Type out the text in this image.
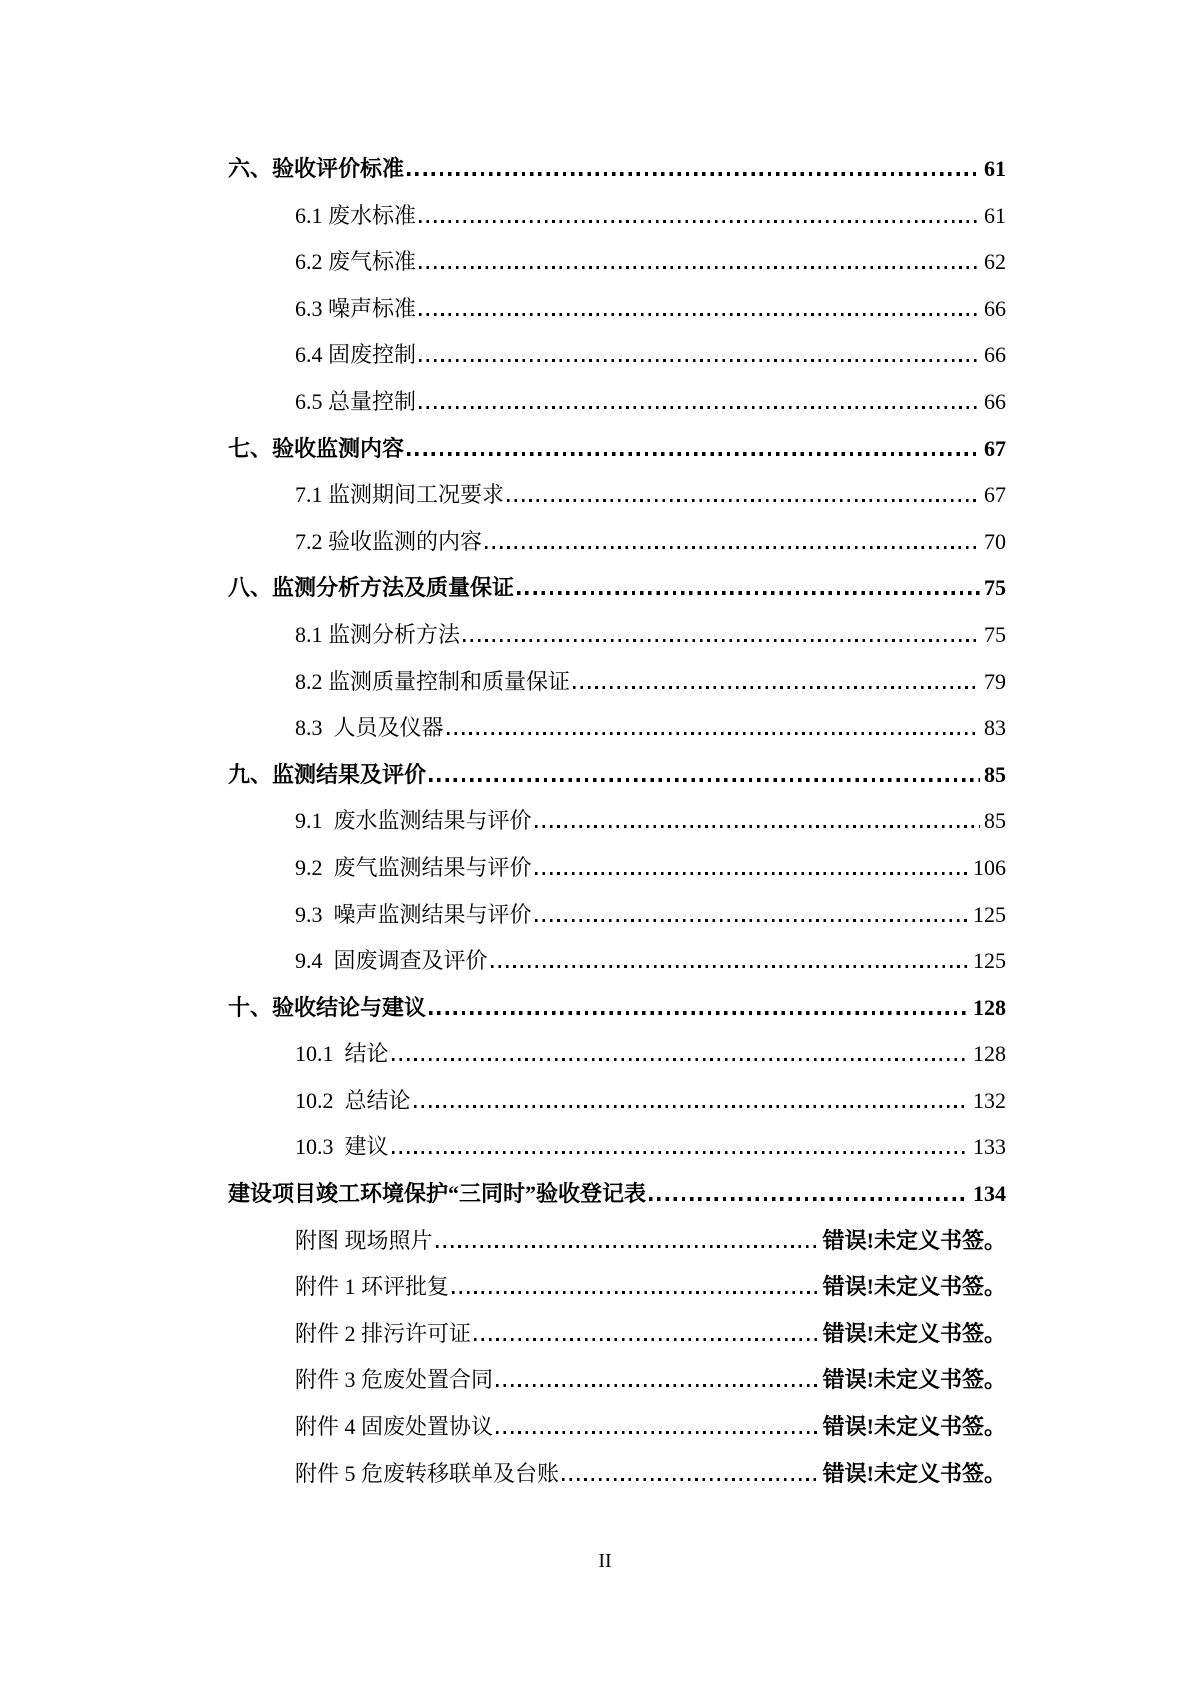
六、验收评价标准	61
6.1 废水标准	61
6.2 废气标准	62
6.3 噪声标准	66
6.4 固废控制	66
6.5 总量控制	66
七、验收监测内容	67
7.1 监测期间工况要求	67
7.2 验收监测的内容	70
八、监测分析方法及质量保证	75
8.1 监测分析方法	75
8.2 监测质量控制和质量保证	79
8.3  人员及仪器	83
九、监测结果及评价	85
9.1  废水监测结果与评价	85
9.2  废气监测结果与评价	106
9.3  噪声监测结果与评价	125
9.4  固废调查及评价	125
十、验收结论与建议	128
10.1  结论	128
10.2  总结论	132
10.3  建议	133
建设项目竣工环境保护“三同时”验收登记表	134
附图 现场照片	错误!未定义书签。
附件 1 环评批复	错误!未定义书签。
附件 2 排污许可证	错误!未定义书签。
附件 3 危废处置合同	错误!未定义书签。
附件 4 固废处置协议	错误!未定义书签。
附件 5 危废转移联单及台账	错误!未定义书签。
II
